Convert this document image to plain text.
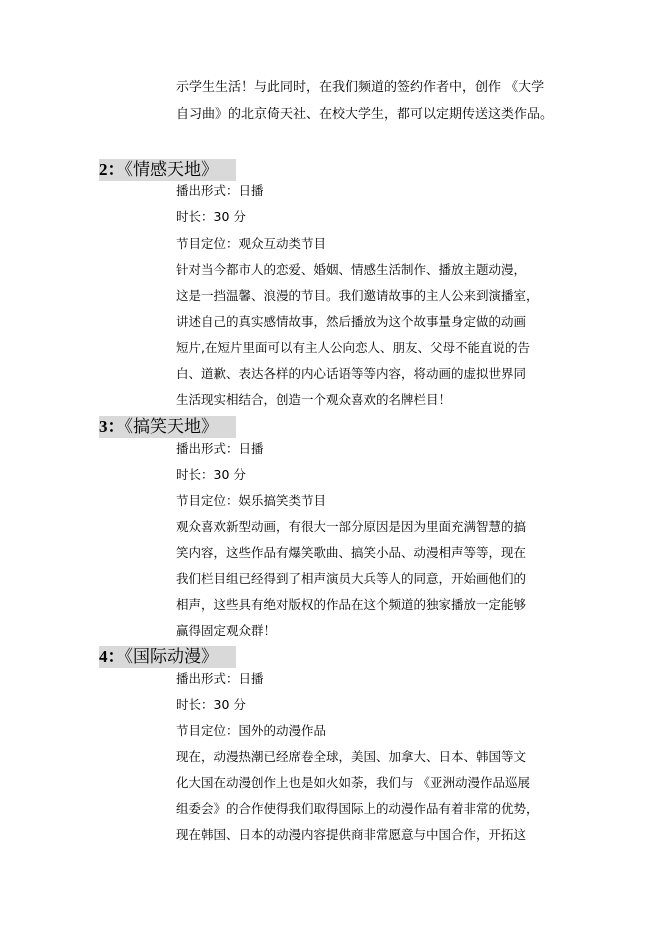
示学生生活！与此同时，在我们频道的签约作者中，创作 《大学
自习曲》的北京倚天社、在校大学生，都可以定期传送这类作品。
2：《情感天地》
播出形式：日播
时长：30 分
节目定位：观众互动类节目
针对当今都市人的恋爱、婚姻、情感生活制作、播放主题动漫，
这是一挡温馨、浪漫的节目。我们邀请故事的主人公来到演播室，
讲述自己的真实感情故事，然后播放为这个故事量身定做的动画
短片,在短片里面可以有主人公向恋人、朋友、父母不能直说的告
白、道歉、表达各样的内心话语等等内容，将动画的虚拟世界同
生活现实相结合，创造一个观众喜欢的名牌栏目！
3：《搞笑天地》
播出形式：日播
时长：30 分
节目定位：娱乐搞笑类节目
观众喜欢新型动画，有很大一部分原因是因为里面充满智慧的搞
笑内容，这些作品有爆笑歌曲、搞笑小品、动漫相声等等，现在
我们栏目组已经得到了相声演员大兵等人的同意，开始画他们的
相声，这些具有绝对版权的作品在这个频道的独家播放一定能够
赢得固定观众群！
4：《国际动漫》
播出形式：日播
时长：30 分
节目定位：国外的动漫作品
现在，动漫热潮已经席卷全球，美国、加拿大、日本、韩国等文
化大国在动漫创作上也是如火如荼，我们与 《亚洲动漫作品巡展
组委会》的合作使得我们取得国际上的动漫作品有着非常的优势，
现在韩国、日本的动漫内容提供商非常愿意与中国合作，开拓这
